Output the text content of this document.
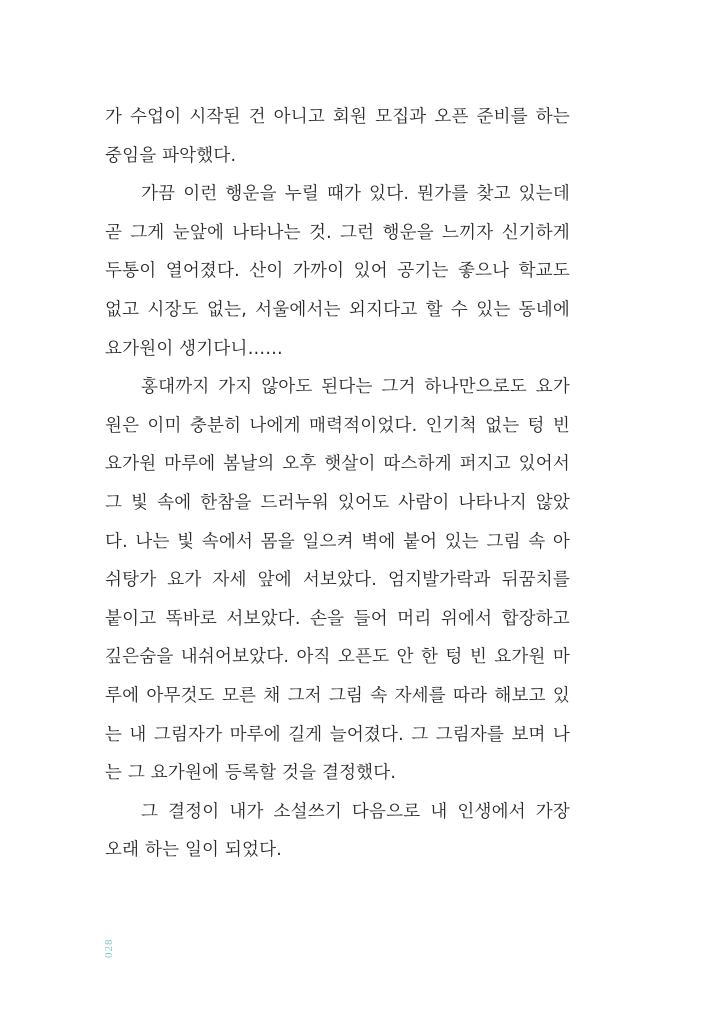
가 수업이 시작된 건 아니고 회원 모집과 오픈 준비를 하는
중임을 파악했다.
가끔 이런 행운을 누릴 때가 있다. 뭔가를 찾고 있는데
곧 그게 눈앞에 나타나는 것. 그런 행운을 느끼자 신기하게
두통이 열어졌다. 산이 가까이 있어 공기는 좋으나 학교도
없고 시장도 없는, 서울에서는 외지다고 할 수 있는 동네에
요가원이 생기다니……
홍대까지 가지 않아도 된다는 그거 하나만으로도 요가
원은 이미 충분히 나에게 매력적이었다. 인기척 없는 텅 빈
요가원 마루에 봄날의 오후 햇살이 따스하게 퍼지고 있어서
그 빛 속에 한참을 드러누워 있어도 사람이 나타나지 않았
다. 나는 빛 속에서 몸을 일으켜 벽에 붙어 있는 그림 속 아
쉬탕가 요가 자세 앞에 서보았다. 엄지발가락과 뒤꿈치를
붙이고 똑바로 서보았다. 손을 들어 머리 위에서 합장하고
깊은숨을 내쉬어보았다. 아직 오픈도 안 한 텅 빈 요가원 마
루에 아무것도 모른 채 그저 그림 속 자세를 따라 해보고 있
는 내 그림자가 마루에 길게 늘어졌다. 그 그림자를 보며 나
는 그 요가원에 등록할 것을 결정했다.
그 결정이 내가 소설쓰기 다음으로 내 인생에서 가장
오래 하는 일이 되었다.
028
